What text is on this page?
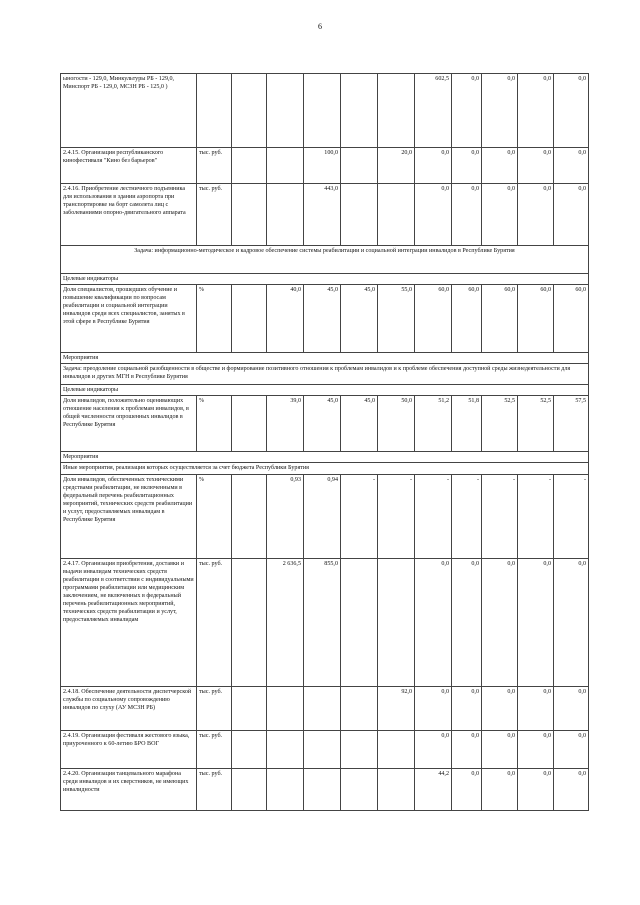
6
ыногости - 129,0, Минкультуры РБ - 129,0, Минспорт РБ - 129,0, МСЗН РБ - 125,0 )							602,5	0,0	0,0	0,0	0,0
2.4.15. Организация республиканского кинофестиваля "Кино без барьеров"	тыс. руб.			100,0		20,0	0,0	0,0	0,0	0,0	0,0
2.4.16. Приобретение лестничного подъемника для использования в здании аэропорта при транспортировке на борт самолета лиц с заболеваниями опорно-двигательного аппарата	тыс. руб.			443,0			0,0	0,0	0,0	0,0	0,0
Задача: информационно-методическое и кадровое обеспечение системы реабилитации и социальной интеграции инвалидов в Республике Бурятия											
Целевые индикаторы											
Доля специалистов, прошедших обучение и повышение квалификации по вопросам реабилитации и социальной интеграции инвалидов среди всех специалистов, занятых в этой сфере в Республике Бурятия	%		40,0	45,0	45,0	55,0	60,0	60,0	60,0	60,0	60,0
Мероприятия											
Задача: преодоление социальной разобщенности в обществе и формирование позитивного отношения к проблемам инвалидов и к проблеме обеспечения доступной среды жизнедеятельности для инвалидов и других МГН в Республике Бурятия											
Целевые индикаторы											
Доля инвалидов, положительно оценивающих отношение населения к проблемам инвалидов, в общей численности опрошенных инвалидов в Республике Бурятия	%		39,0	45,0	45,0	50,0	51,2	51,8	52,5	52,5	57,5
Мероприятия											
Иные мероприятия, реализация которых осуществляется за счет бюджета Республики Бурятия											
Доля инвалидов, обеспеченных техническими средствами реабилитации, не включенными в федеральный перечень реабилитационных мероприятий, технических средств реабилитации и услут, предоставляемых инвалидам в Республике Бурятия	%		0,93	0,94	-	-	-	-	-	-	-
2.4.17. Организация приобретения, доставки и выдачи инвалидам технических средств реабилитации в соответствии с индивидуальными программами реабилитации или медицинским заключением, не включенных в федеральный перечень реабилитационных мероприятий, технических средств реабилитации и услут, предоставляемых инвалидам	тыс. руб.		2 636,5	855,0			0,0	0,0	0,0	0,0	0,0
2.4.18. Обеспечение деятельности диспетчерской службы по социальному сопровождению инвалидов по слуху (АУ МСЗН РБ)	тыс. руб.					92,0	0,0	0,0	0,0	0,0	0,0
2.4.19. Организация фестиваля жестового языка, приуроченного к 60-летию БРО ВОГ	тыс. руб.						0,0	0,0	0,0	0,0	0,0
2.4.20. Организация танцевального марафона среди инвалидов и их сверстников, не имеющих инвалидности	тыс. руб.						44,2	0,0	0,0	0,0	0,0
